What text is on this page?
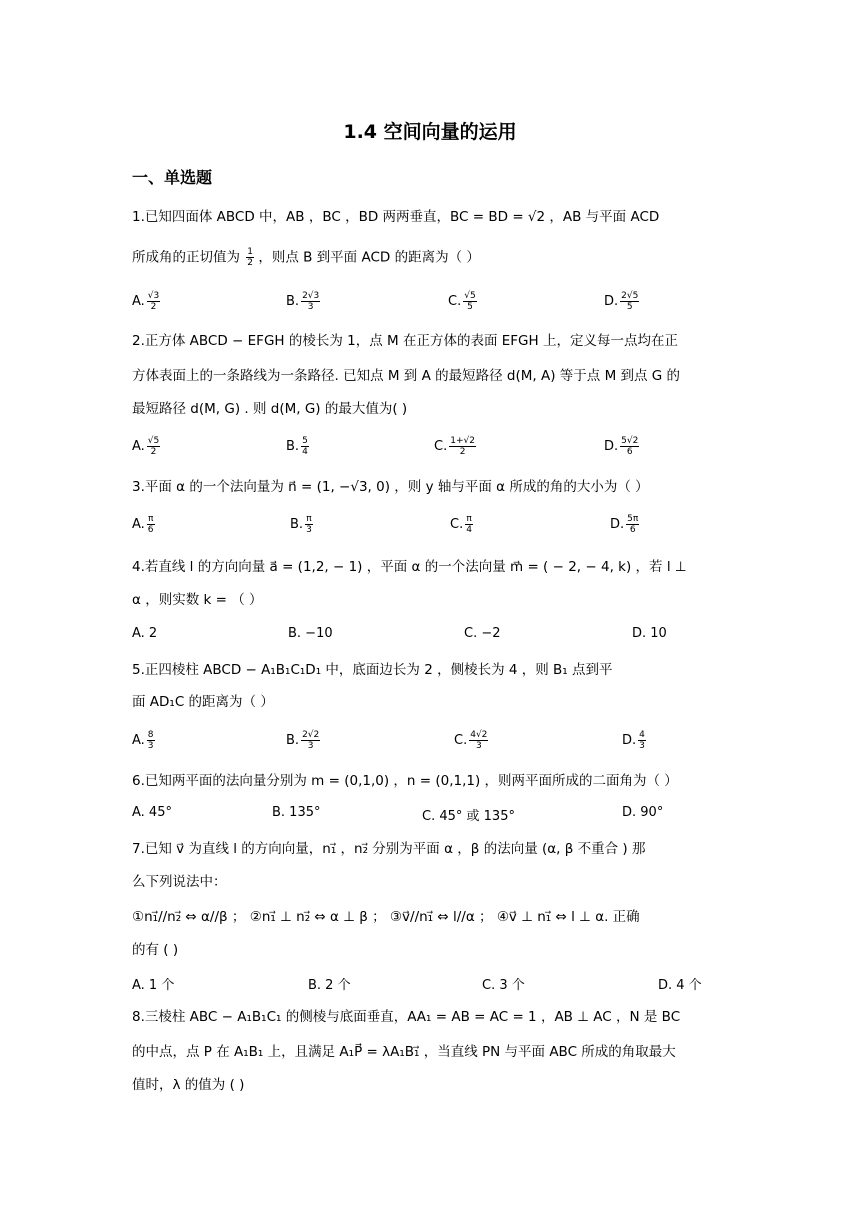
1.4 空间向量的运用
一、单选题
1.已知四面体 ABCD 中，AB ，BC ，BD 两两垂直，BC = BD = √2 ，AB 与平面 ACD
所成角的正切值为 $\frac{1}{2}$ ，则点 B 到平面 ACD 的距离为（ ）
A. $\frac{√3}{2}$	B. $\frac{2√3}{3}$	C. $\frac{√5}{5}$	D. $\frac{2√5}{5}$
2.正方体 ABCD − EFGH 的棱长为 1，点 M 在正方体的表面 EFGH 上，定义每一点均在正
方体表面上的一条路线为一条路径. 已知点 M 到 A 的最短路径 d(M, A) 等于点 M 到点 G 的
最短路径 d(M, G) . 则 d(M, G) 的最大值为( )
A. $\frac{√5}{2}$	B. $\frac{5}{4}$	C. $\frac{1+√2}{2}$	D. $\frac{5√2}{6}$
3.平面 α 的一个法向量为 n⃗ = (1, −√3, 0) ，则 y 轴与平面 α 所成的角的大小为（ ）
A. $\frac{\pi}{6}$	B. $\frac{\pi}{3}$	C. $\frac{\pi}{4}$	D. $\frac{5\pi}{6}$
4.若直线 l 的方向向量 a⃗ = (1,2, − 1) ，平面 α 的一个法向量 m⃗ = ( − 2, − 4, k) ，若 l ⊥
α ，则实数 k = （ ）
A. 2	B. −10	C. −2	D. 10
5.正四棱柱 ABCD − A₁B₁C₁D₁ 中，底面边长为 2 ，侧棱长为 4 ，则 B₁ 点到平
面 AD₁C 的距离为（ ）
A. $\frac{8}{3}$	B. $\frac{2√2}{3}$	C. $\frac{4√2}{3}$	D. $\frac{4}{3}$
6.已知两平面的法向量分别为 m = (0,1,0) ，n = (0,1,1) ，则两平面所成的二面角为（ ）
A. 45°	B. 135°	C. 45° 或 135°	D. 90°
7.已知 v⃗ 为直线 l 的方向向量，n₁⃗ ，n₂⃗ 分别为平面 α ，β 的法向量 (α, β 不重合 ) 那
么下列说法中：
①n₁⃗//n₂⃗ ⇔ α//β ； ②n₁⃗ ⊥ n₂⃗ ⇔ α ⊥ β ； ③v⃗//n₁⃗ ⇔ l//α ； ④v⃗ ⊥ n₁⃗ ⇔ l ⊥ α. 正确
的有 ( )
A. 1 个	B. 2 个	C. 3 个	D. 4 个
8.三棱柱 ABC − A₁B₁C₁ 的侧棱与底面垂直，AA₁ = AB = AC = 1 ，AB ⊥ AC ，N 是 BC
的中点，点 P 在 A₁B₁ 上，且满足 A₁P⃗ = λA₁B₁⃗ ，当直线 PN 与平面 ABC 所成的角取最大
值时，λ 的值为 ( )
